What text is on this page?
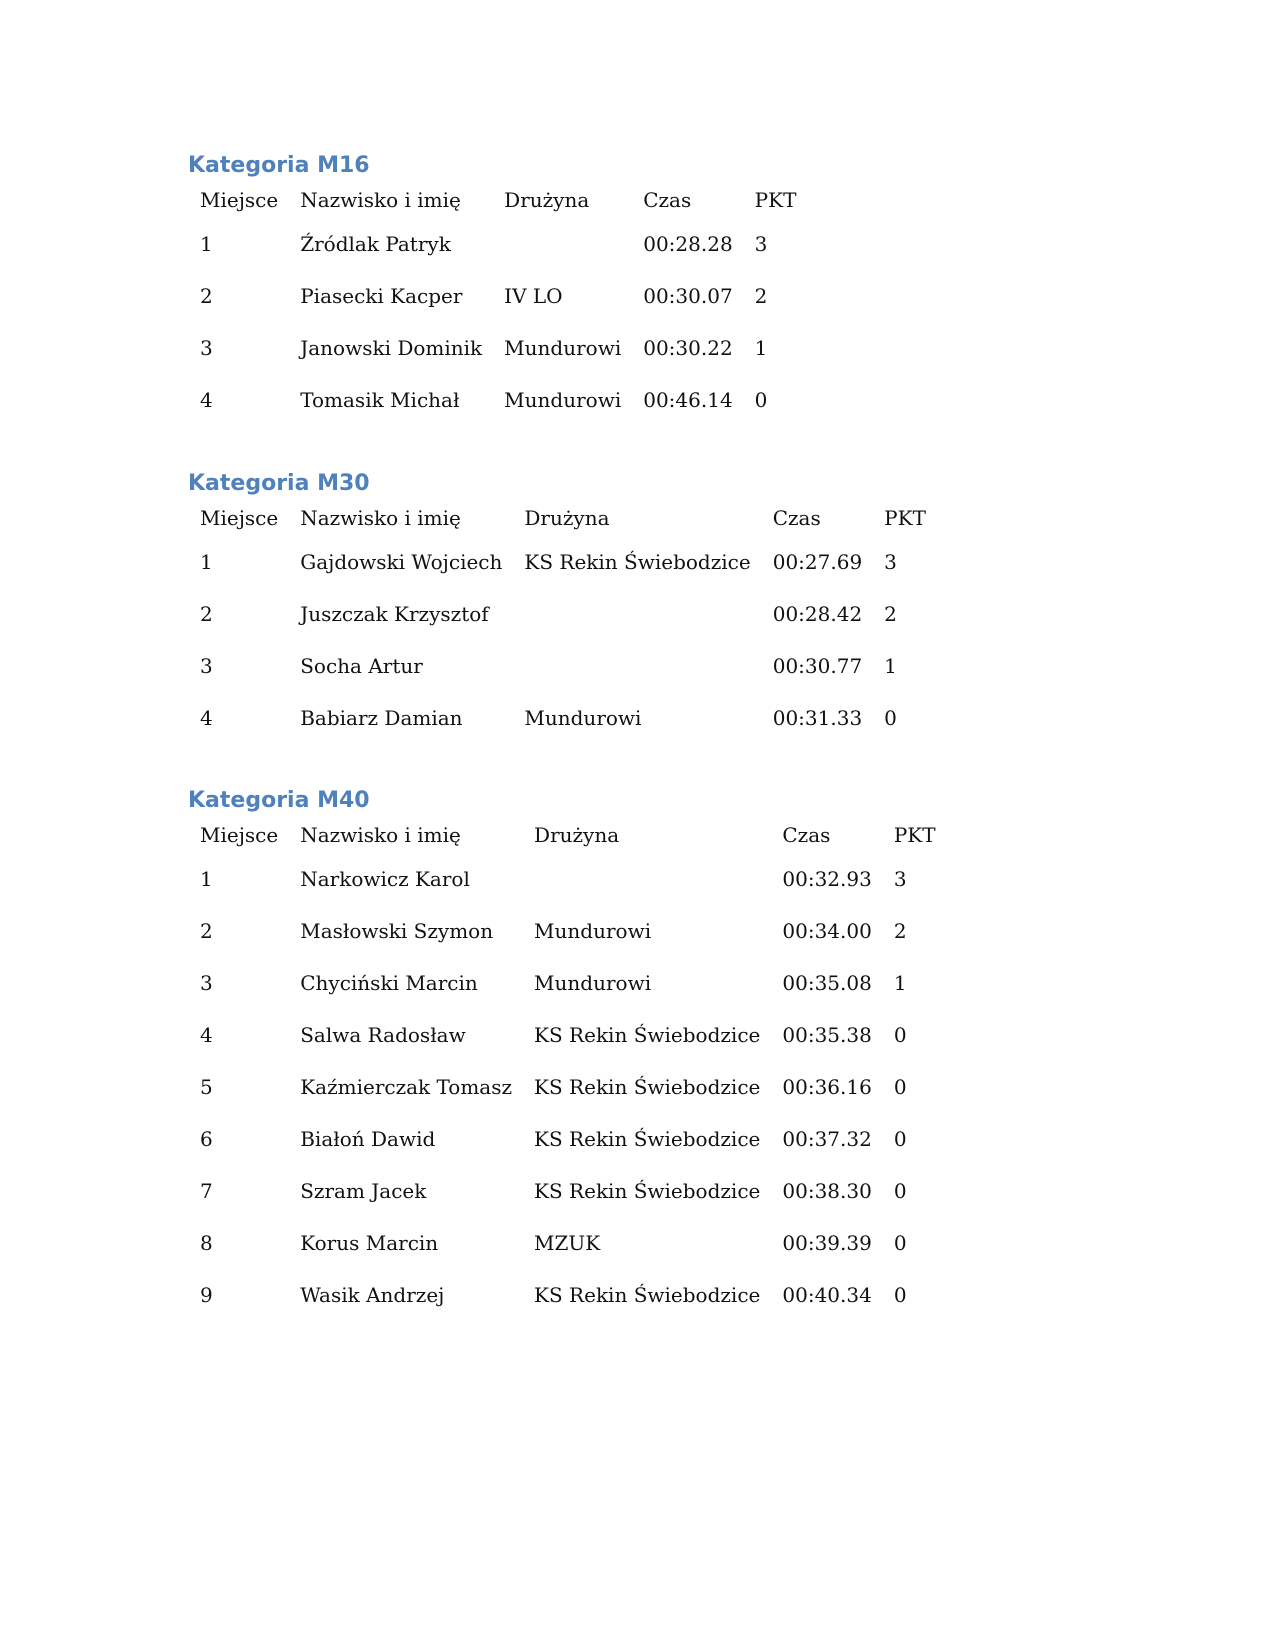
Kategoria M16
Miejsce	Nazwisko i imię	Drużyna	Czas	PKT
1	Źródlak Patryk		00:28.28	3
2	Piasecki Kacper	IV LO	00:30.07	2
3	Janowski Dominik	Mundurowi	00:30.22	1
4	Tomasik Michał	Mundurowi	00:46.14	0
Kategoria M30
Miejsce	Nazwisko i imię	Drużyna	Czas	PKT
1	Gajdowski Wojciech	KS Rekin Świebodzice	00:27.69	3
2	Juszczak Krzysztof		00:28.42	2
3	Socha Artur		00:30.77	1
4	Babiarz Damian	Mundurowi	00:31.33	0
Kategoria M40
Miejsce	Nazwisko i imię	Drużyna	Czas	PKT
1	Narkowicz Karol		00:32.93	3
2	Masłowski Szymon	Mundurowi	00:34.00	2
3	Chyciński Marcin	Mundurowi	00:35.08	1
4	Salwa Radosław	KS Rekin Świebodzice	00:35.38	0
5	Kaźmierczak Tomasz	KS Rekin Świebodzice	00:36.16	0
6	Białoń Dawid	KS Rekin Świebodzice	00:37.32	0
7	Szram Jacek	KS Rekin Świebodzice	00:38.30	0
8	Korus Marcin	MZUK	00:39.39	0
9	Wasik Andrzej	KS Rekin Świebodzice	00:40.34	0
